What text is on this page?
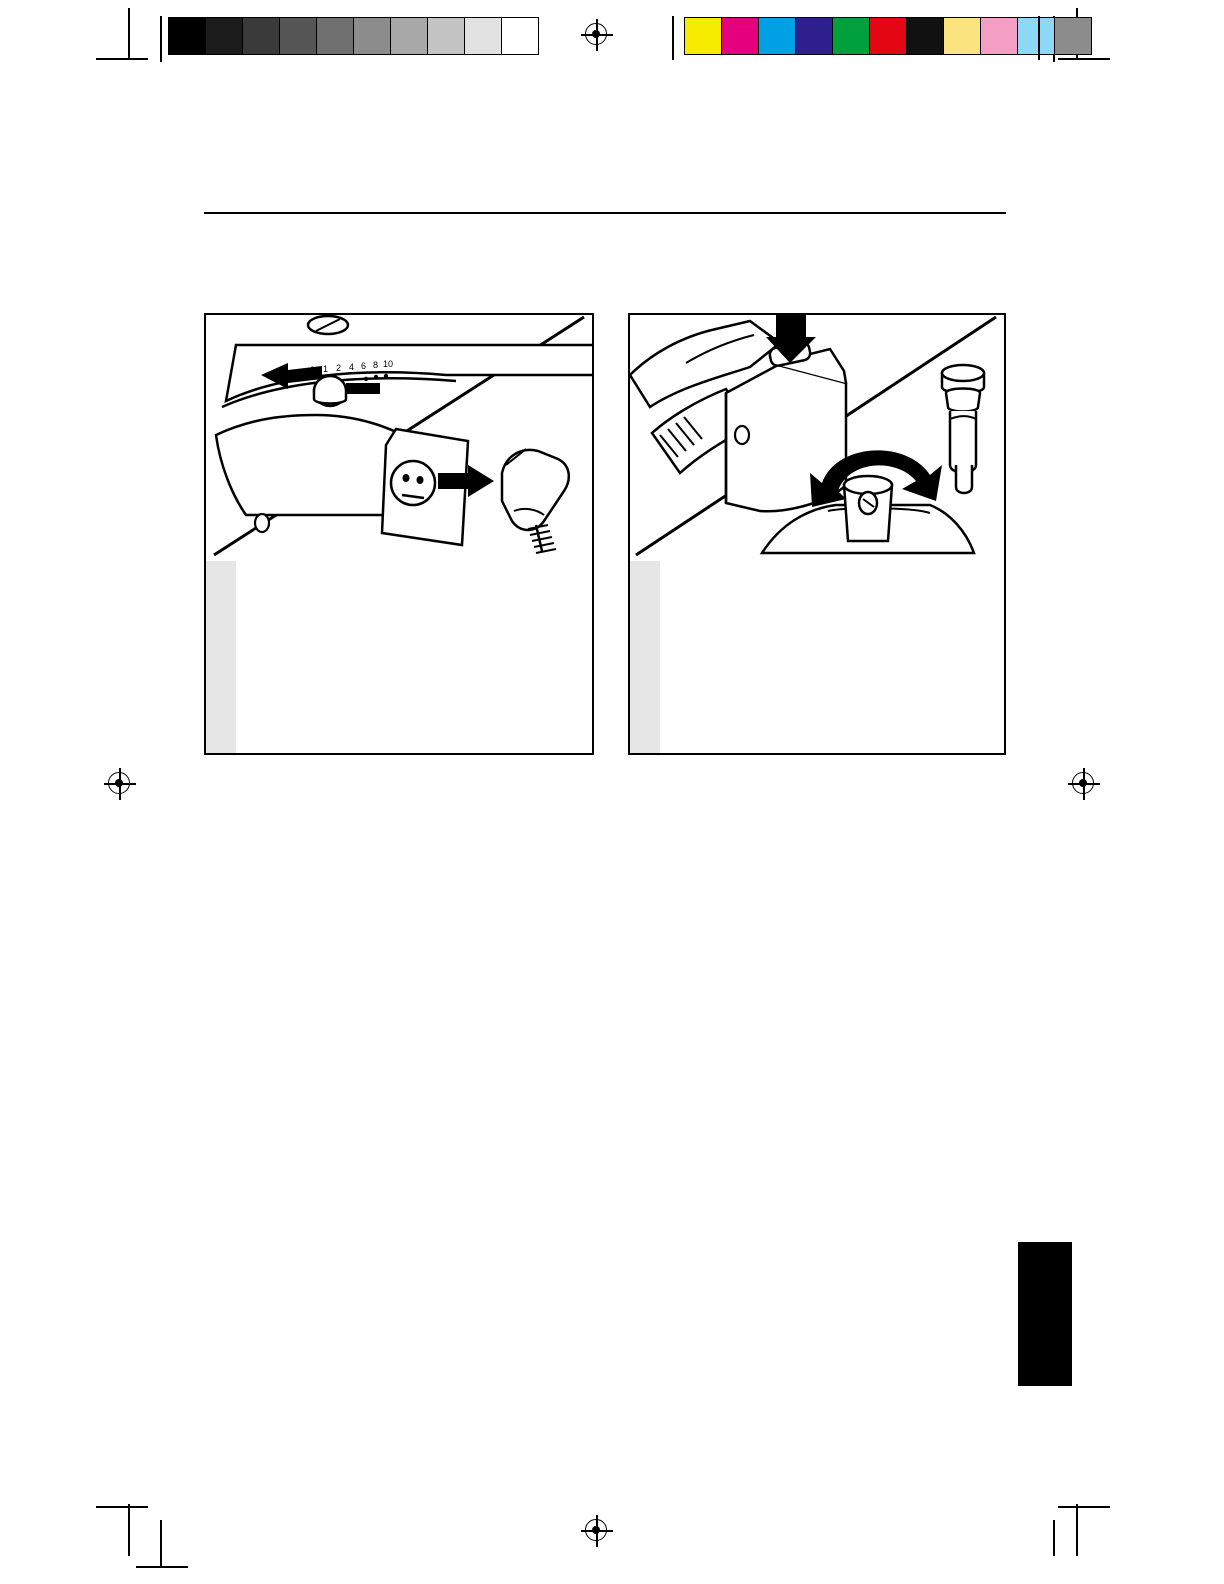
1 2 4 6 8 10
